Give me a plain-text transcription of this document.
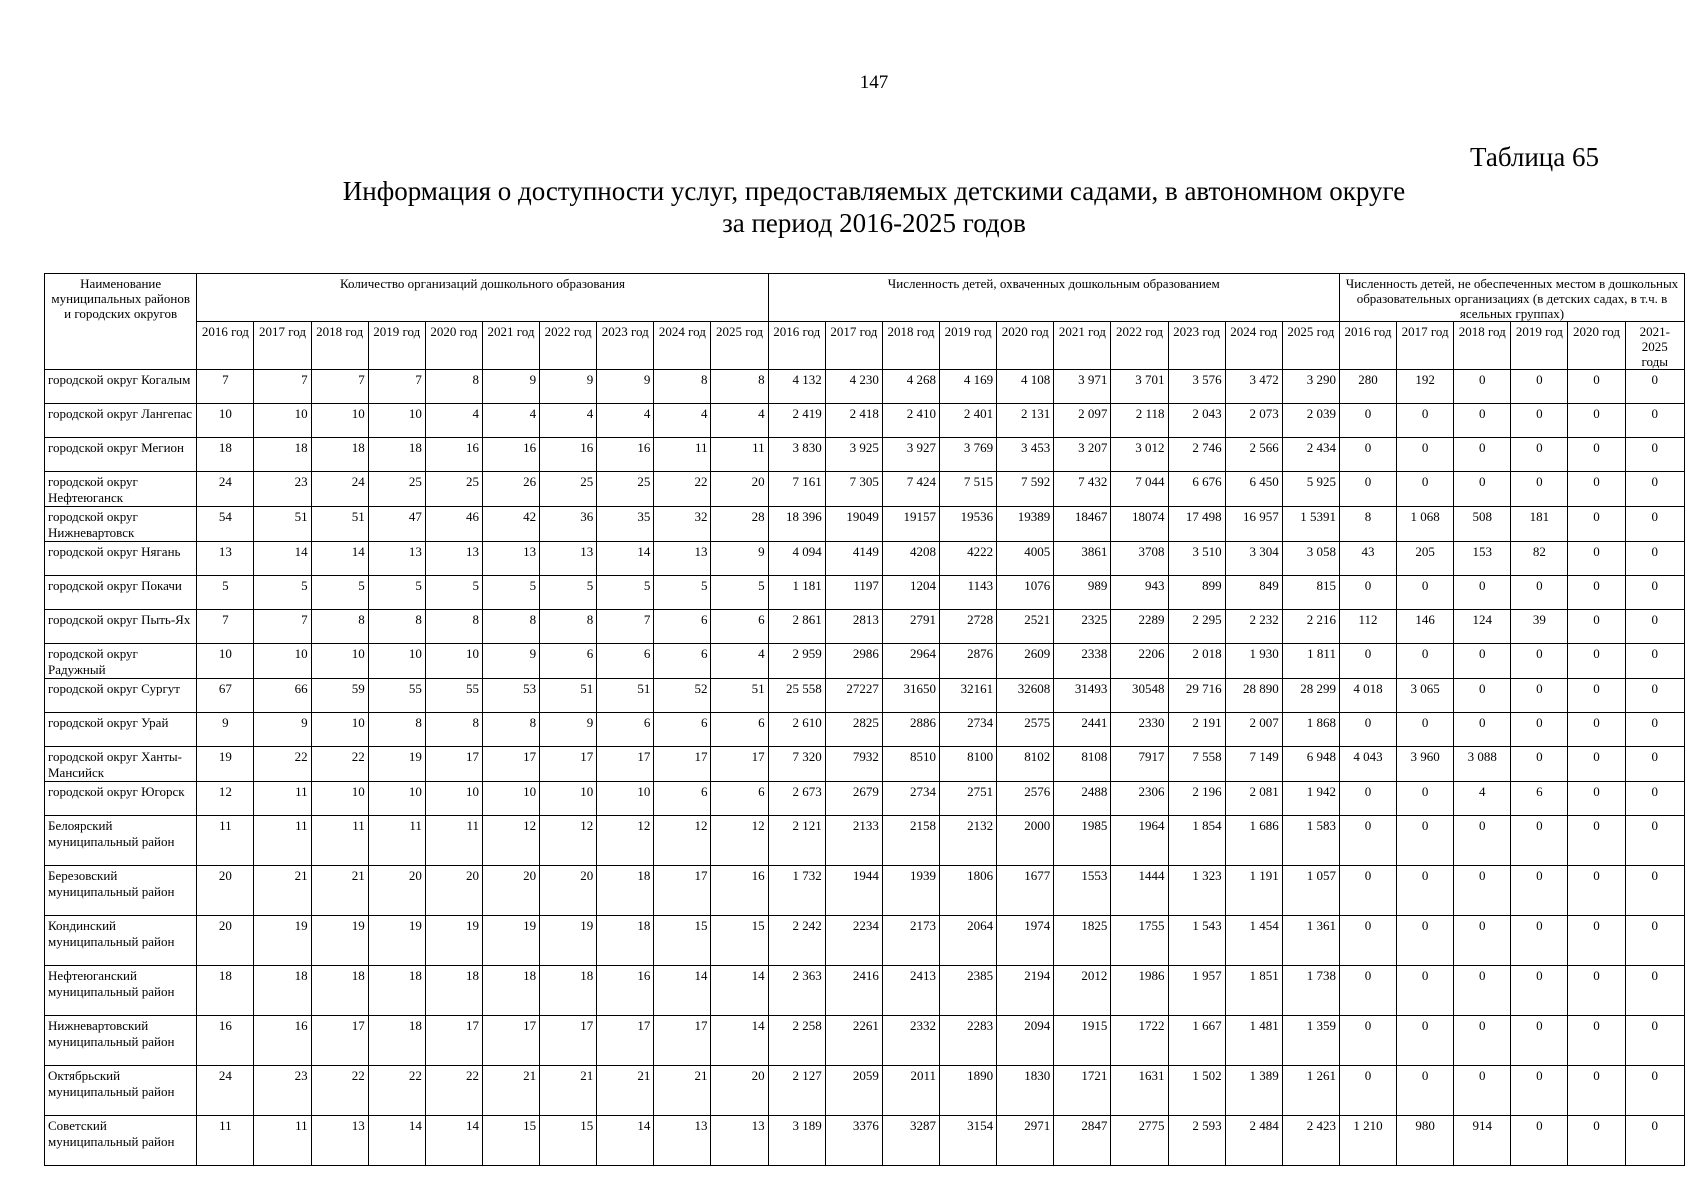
147
Таблица 65
Информация о доступности услуг, предоставляемых детскими садами, в автономном округе
за период 2016-2025 годов
Наименование муниципальных районов и городских округов	Количество организаций дошкольного образования										Численность детей, охваченных дошкольным образованием										Численность детей, не обеспеченных местом в дошкольных образовательных организациях (в детских садах, в т.ч. в ясельных группах)					
	2016 год	2017 год	2018 год	2019 год	2020 год	2021 год	2022 год	2023 год	2024 год	2025 год	2016 год	2017 год	2018 год	2019 год	2020 год	2021 год	2022 год	2023 год	2024 год	2025 год	2016 год	2017 год	2018 год	2019 год	2020 год	2021-2025 годы
городской округ Когалым	7	7	7	7	8	9	9	9	8	8	4 132	4 230	4 268	4 169	4 108	3 971	3 701	3 576	3 472	3 290	280	192	0	0	0	0
городской округ Лангепас	10	10	10	10	4	4	4	4	4	4	2 419	2 418	2 410	2 401	2 131	2 097	2 118	2 043	2 073	2 039	0	0	0	0	0	0
городской округ Мегион	18	18	18	18	16	16	16	16	11	11	3 830	3 925	3 927	3 769	3 453	3 207	3 012	2 746	2 566	2 434	0	0	0	0	0	0
городской округ Нефтеюганск	24	23	24	25	25	26	25	25	22	20	7 161	7 305	7 424	7 515	7 592	7 432	7 044	6 676	6 450	5 925	0	0	0	0	0	0
городской округ Нижневартовск	54	51	51	47	46	42	36	35	32	28	18 396	19049	19157	19536	19389	18467	18074	17 498	16 957	1 5391	8	1 068	508	181	0	0
городской округ Нягань	13	14	14	13	13	13	13	14	13	9	4 094	4149	4208	4222	4005	3861	3708	3 510	3 304	3 058	43	205	153	82	0	0
городской округ Покачи	5	5	5	5	5	5	5	5	5	5	1 181	1197	1204	1143	1076	989	943	899	849	815	0	0	0	0	0	0
городской округ Пыть-Ях	7	7	8	8	8	8	8	7	6	6	2 861	2813	2791	2728	2521	2325	2289	2 295	2 232	2 216	112	146	124	39	0	0
городской округ Радужный	10	10	10	10	10	9	6	6	6	4	2 959	2986	2964	2876	2609	2338	2206	2 018	1 930	1 811	0	0	0	0	0	0
городской округ Сургут	67	66	59	55	55	53	51	51	52	51	25 558	27227	31650	32161	32608	31493	30548	29 716	28 890	28 299	4 018	3 065	0	0	0	0
городской округ Урай	9	9	10	8	8	8	9	6	6	6	2 610	2825	2886	2734	2575	2441	2330	2 191	2 007	1 868	0	0	0	0	0	0
городской округ Ханты-Мансийск	19	22	22	19	17	17	17	17	17	17	7 320	7932	8510	8100	8102	8108	7917	7 558	7 149	6 948	4 043	3 960	3 088	0	0	0
городской округ Югорск	12	11	10	10	10	10	10	10	6	6	2 673	2679	2734	2751	2576	2488	2306	2 196	2 081	1 942	0	0	4	6	0	0
Белоярский муниципальный район	11	11	11	11	11	12	12	12	12	12	2 121	2133	2158	2132	2000	1985	1964	1 854	1 686	1 583	0	0	0	0	0	0
Березовский муниципальный район	20	21	21	20	20	20	20	18	17	16	1 732	1944	1939	1806	1677	1553	1444	1 323	1 191	1 057	0	0	0	0	0	0
Кондинский муниципальный район	20	19	19	19	19	19	19	18	15	15	2 242	2234	2173	2064	1974	1825	1755	1 543	1 454	1 361	0	0	0	0	0	0
Нефтеюганский муниципальный район	18	18	18	18	18	18	18	16	14	14	2 363	2416	2413	2385	2194	2012	1986	1 957	1 851	1 738	0	0	0	0	0	0
Нижневартовский муниципальный район	16	16	17	18	17	17	17	17	17	14	2 258	2261	2332	2283	2094	1915	1722	1 667	1 481	1 359	0	0	0	0	0	0
Октябрьский муниципальный район	24	23	22	22	22	21	21	21	21	20	2 127	2059	2011	1890	1830	1721	1631	1 502	1 389	1 261	0	0	0	0	0	0
Советский муниципальный район	11	11	13	14	14	15	15	14	13	13	3 189	3376	3287	3154	2971	2847	2775	2 593	2 484	2 423	1 210	980	914	0	0	0
